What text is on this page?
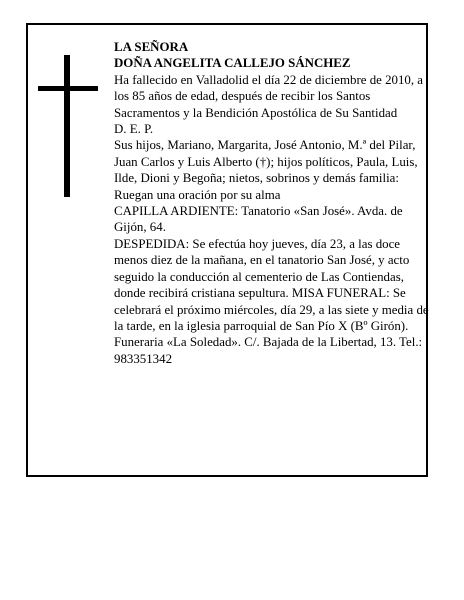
LA SEÑORA

DOÑA ANGELITA CALLEJO SÁNCHEZ

Ha fallecido en Valladolid el día 22 de diciembre de 2010, a los 85 años de edad, después de recibir los Santos Sacramentos y la Bendición Apostólica de Su Santidad

D. E. P.

Sus hijos, Mariano, Margarita, José Antonio, M.ª del Pilar, Juan Carlos y Luis Alberto (†); hijos políticos, Paula, Luis, Ilde, Dioni y Begoña; nietos, sobrinos y demás familia:

Ruegan una oración por su alma

CAPILLA ARDIENTE: Tanatorio «San José». Avda. de Gijón, 64.

DESPEDIDA: Se efectúa hoy jueves, día 23, a las doce menos diez de la mañana, en el tanatorio San José, y acto seguido la conducción al cementerio de Las Contiendas, donde recibirá cristiana sepultura. MISA FUNERAL: Se celebrará el próximo miércoles, día 29, a las siete y media de la tarde, en la iglesia parroquial de San Pío X (Bº Girón).

Funeraria «La Soledad». C/. Bajada de la Libertad, 13. Tel.: 983351342
